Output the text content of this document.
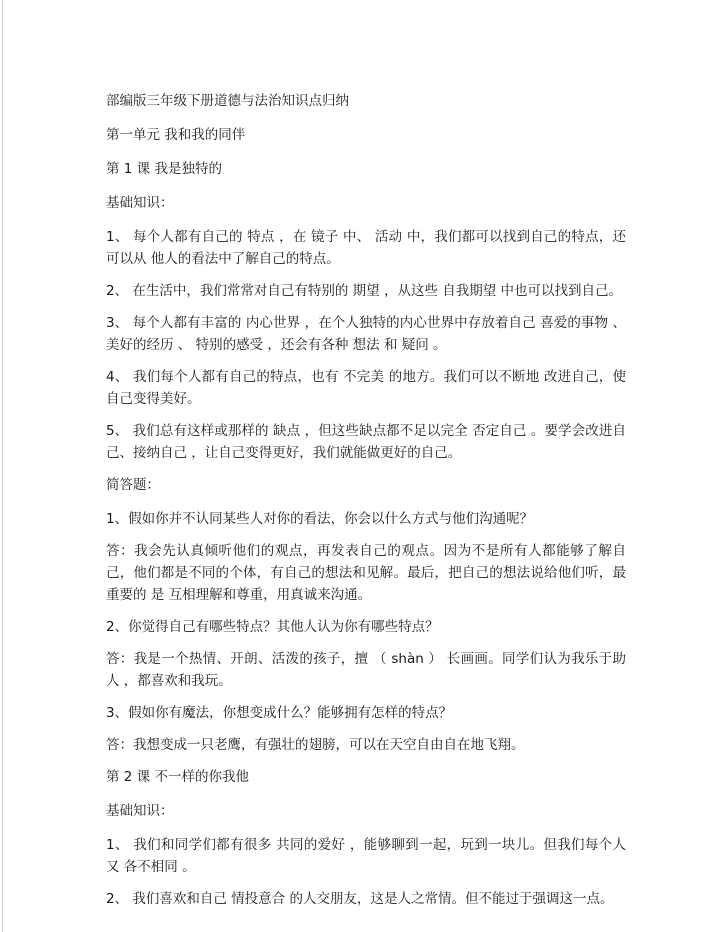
部编版三年级下册道德与法治知识点归纳
第一单元 我和我的同伴
第 1 课 我是独特的
基础知识：
1、 每个人都有自己的 特点 ，在 镜子 中、 活动 中，我们都可以找到自己的特点，还可以从 他人的看法中了解自己的特点。
2、 在生活中，我们常常对自己有特别的 期望 ，从这些 自我期望 中也可以找到自己。
3、 每个人都有丰富的 内心世界 ，在个人独特的内心世界中存放着自己 喜爱的事物 、 美好的经历 、 特别的感受 ，还会有各种 想法 和 疑问 。
4、 我们每个人都有自己的特点，也有 不完美 的地方。我们可以不断地 改进自己，使自己变得美好。
5、 我们总有这样或那样的 缺点 ，但这些缺点都不足以完全 否定自己 。要学会改进自己、接纳自己 ，让自己变得更好，我们就能做更好的自己。
简答题：
1、假如你并不认同某些人对你的看法，你会以什么方式与他们沟通呢？
答：我会先认真倾听他们的观点，再发表自己的观点。因为不是所有人都能够了解自己，他们都是不同的个体，有自己的想法和见解。最后，把自己的想法说给他们听，最重要的 是 互相理解和尊重，用真诚来沟通。
2、你觉得自己有哪些特点？其他人认为你有哪些特点？
答：我是一个热情、开朗、活泼的孩子，擅 （ shàn ） 长画画。同学们认为我乐于助人 ，都喜欢和我玩。
3、假如你有魔法，你想变成什么？能够拥有怎样的特点？
答：我想变成一只老鹰，有强壮的翅膀，可以在天空自由自在地飞翔。
第 2 课 不一样的你我他
基础知识：
1、 我们和同学们都有很多 共同的爱好 ，能够聊到一起，玩到一块儿。但我们每个人又 各不相同 。
2、 我们喜欢和自己 情投意合 的人交朋友，这是人之常情。但不能过于强调这一点。
